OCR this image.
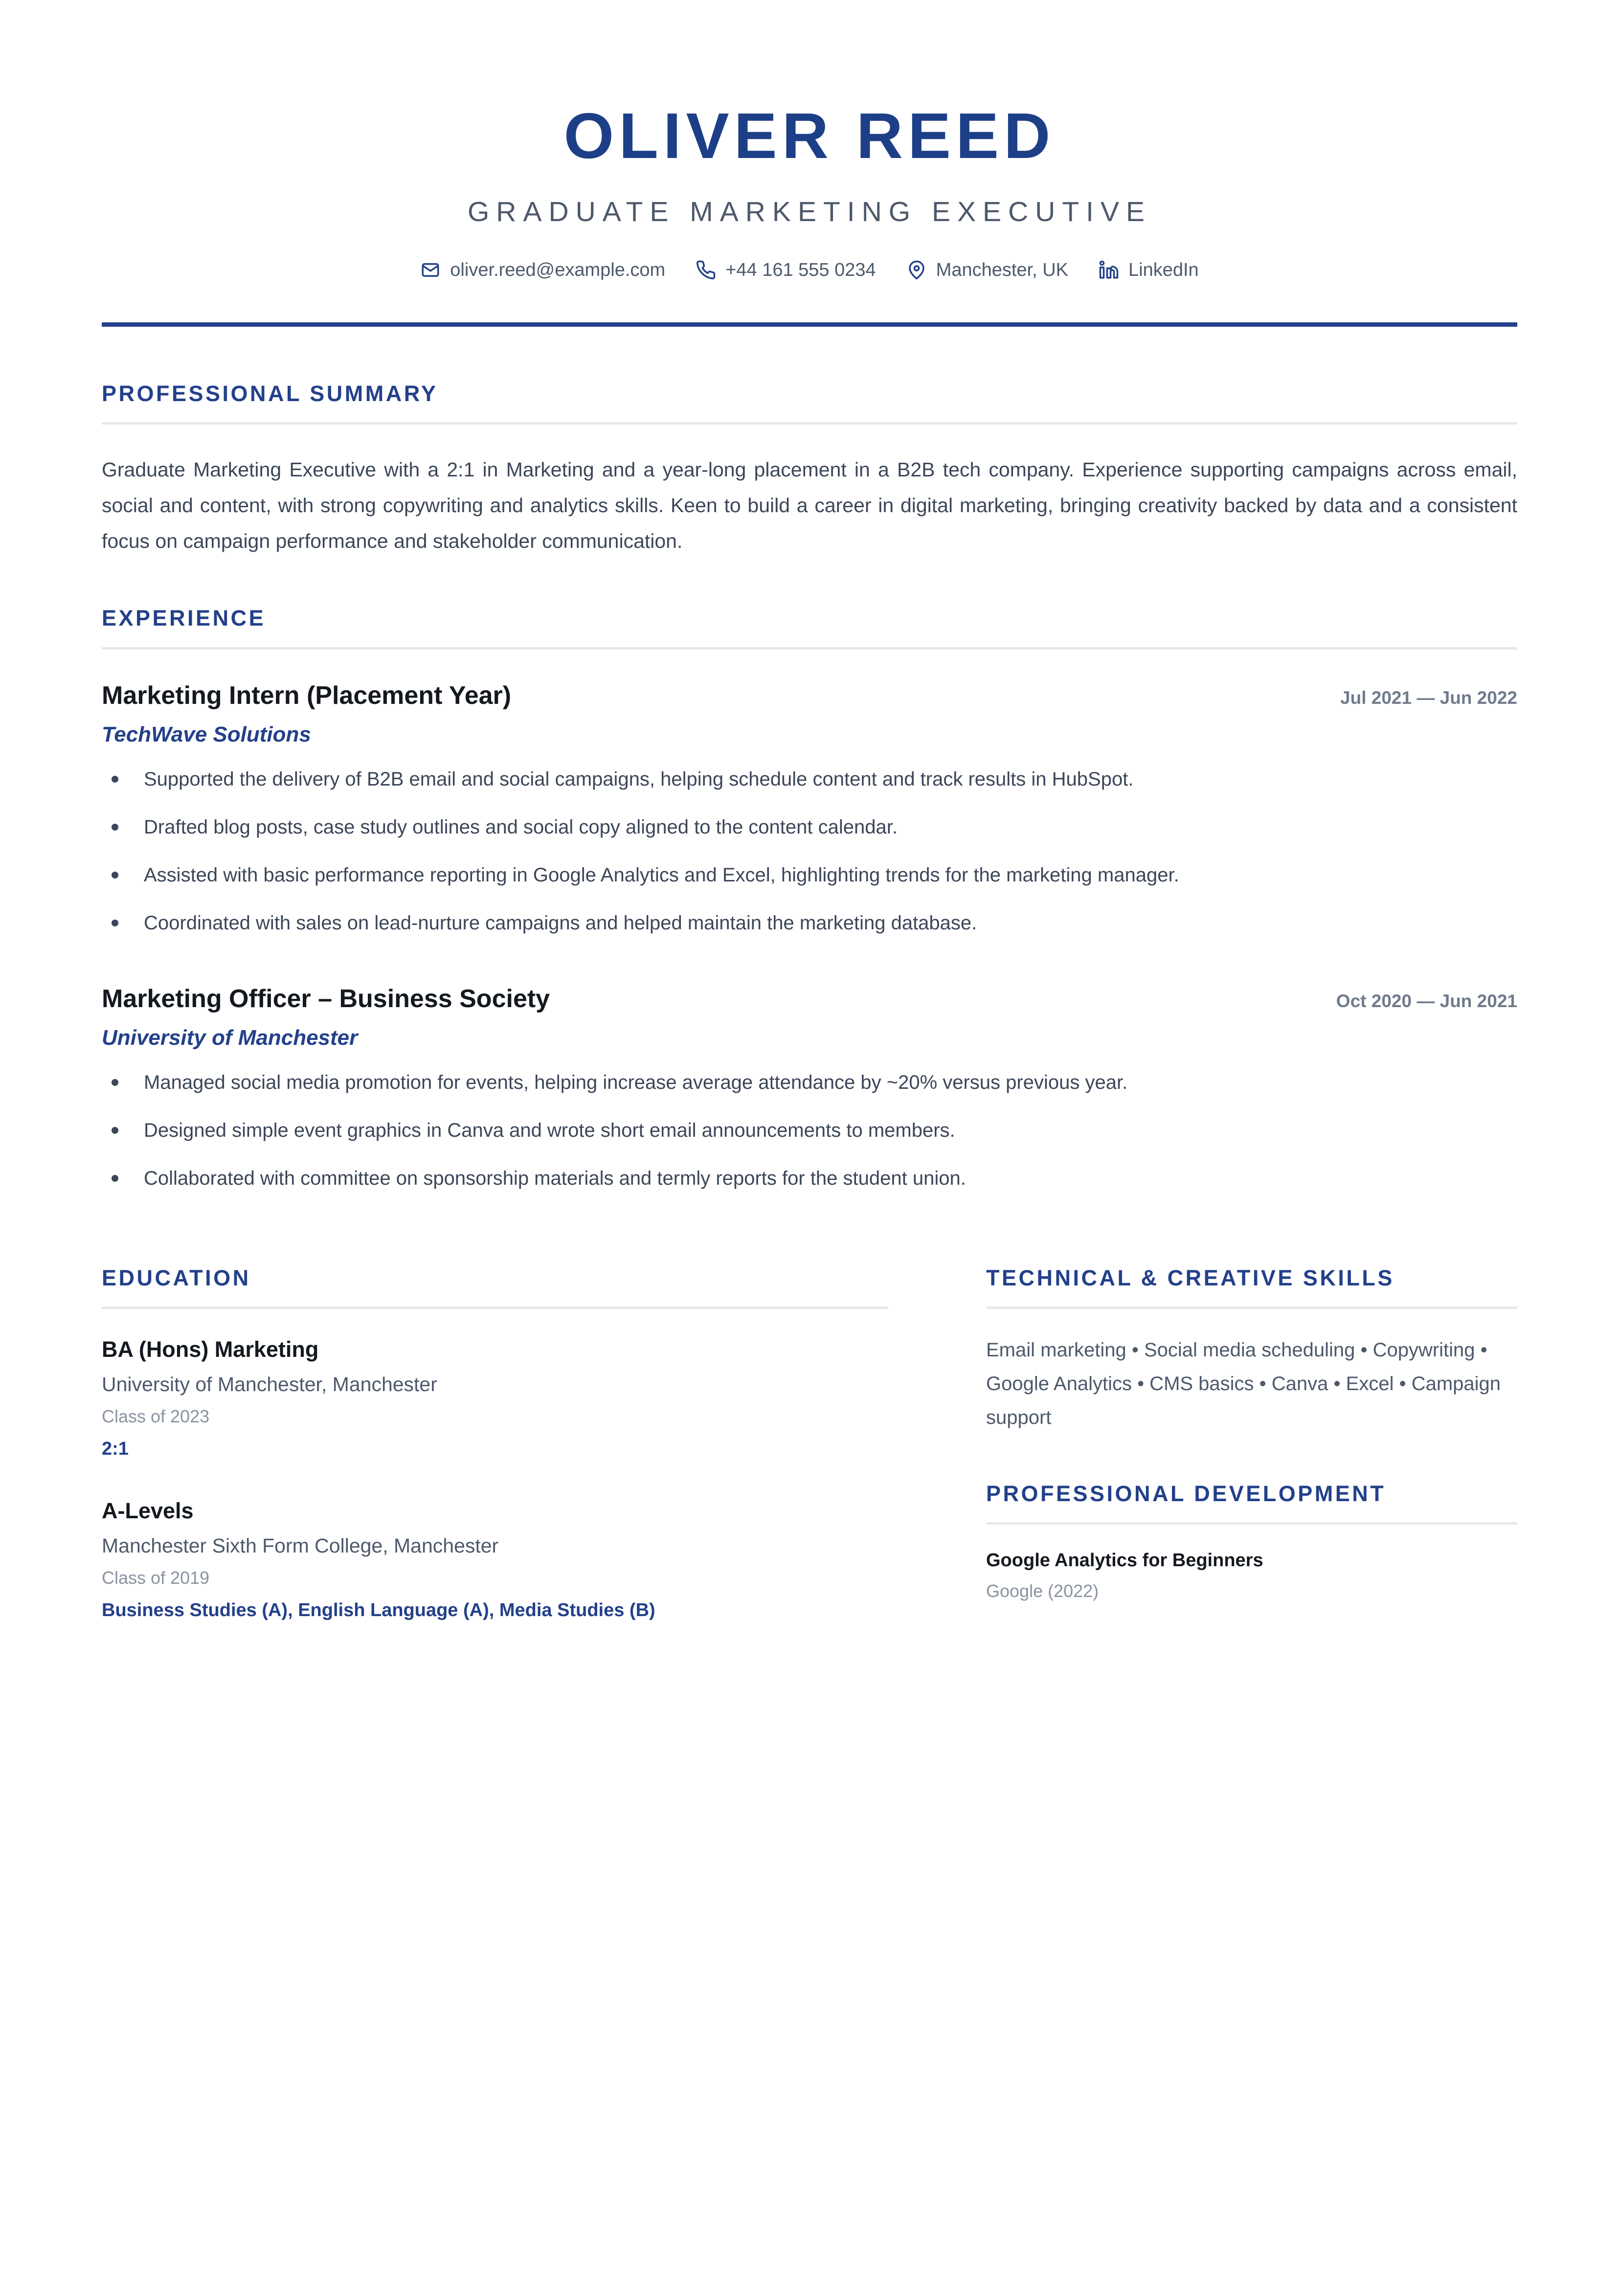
OLIVER REED
GRADUATE MARKETING EXECUTIVE
oliver.reed@example.com	+44 161 555 0234	Manchester, UK	LinkedIn
PROFESSIONAL SUMMARY

Graduate Marketing Executive with a 2:1 in Marketing and a year-long placement in a B2B tech company. Experience supporting campaigns across email, social and content, with strong copywriting and analytics skills. Keen to build a career in digital marketing, bringing creativity backed by data and a consistent focus on campaign performance and stakeholder communication.

EXPERIENCE
Marketing Intern (Placement Year)	Jul 2021 — Jun 2022
TechWave Solutions
Supported the delivery of B2B email and social campaigns, helping schedule content and track results in HubSpot.
Drafted blog posts, case study outlines and social copy aligned to the content calendar.
Assisted with basic performance reporting in Google Analytics and Excel, highlighting trends for the marketing manager.
Coordinated with sales on lead-nurture campaigns and helped maintain the marketing database.
Marketing Officer – Business Society	Oct 2020 — Jun 2021
University of Manchester
Managed social media promotion for events, helping increase average attendance by ~20% versus previous year.
Designed simple event graphics in Canva and wrote short email announcements to members.
Collaborated with committee on sponsorship materials and termly reports for the student union.
EDUCATION
BA (Hons) Marketing
University of Manchester, Manchester
Class of 2023
2:1
A-Levels
Manchester Sixth Form College, Manchester
Class of 2019
Business Studies (A), English Language (A), Media Studies (B)
TECHNICAL & CREATIVE SKILLS
Email marketing • Social media scheduling • Copywriting • Google Analytics • CMS basics • Canva • Excel • Campaign support
PROFESSIONAL DEVELOPMENT
Google Analytics for Beginners
Google (2022)
